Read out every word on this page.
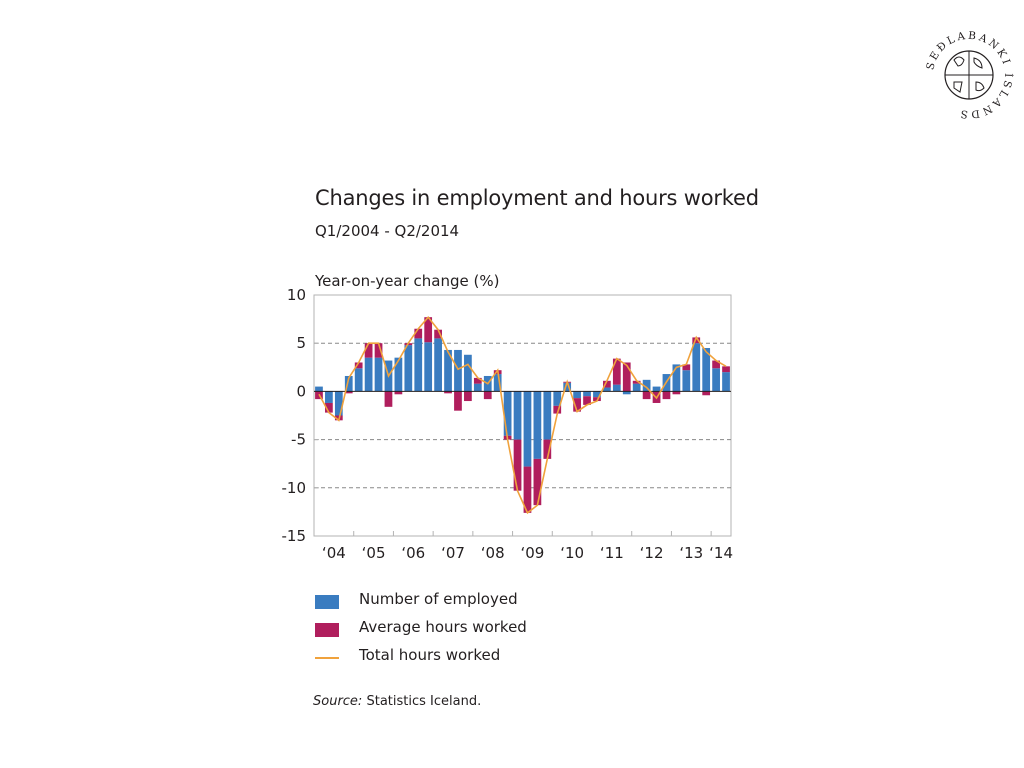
Changes in employment and hours worked
Q1/2004 - Q2/2014
Year-on-year change (%)
10
5
0
-5
-10
-15
‘04 ‘05 ‘06 ‘07 ‘08 ‘09 ‘10 ‘11 ‘12 ‘13 ‘14
Number of employed
Average hours worked
Total hours worked
Source: Statistics Iceland.
SEÐLABANKI ÍSLANDS
